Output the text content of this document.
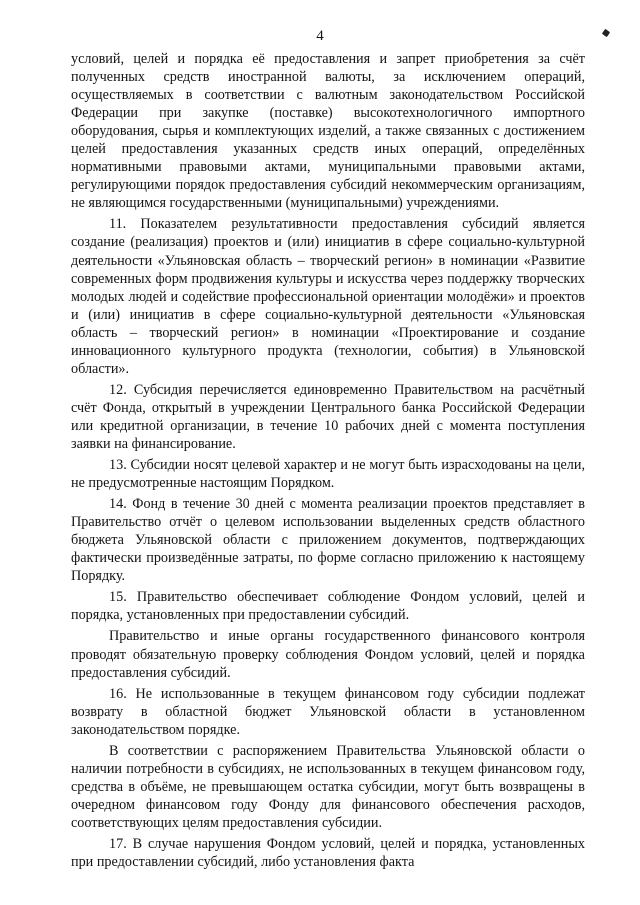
4

условий, целей и порядка её предоставления и запрет приобретения за счёт полученных средств иностранной валюты, за исключением операций, осуществляемых в соответствии с валютным законодательством Российской Федерации при закупке (поставке) высокотехнологичного импортного оборудования, сырья и комплектующих изделий, а также связанных с достижением целей предоставления указанных средств иных операций, определённых нормативными правовыми актами, муниципальными правовыми актами, регулирующими порядок предоставления субсидий некоммерческим организациям, не являющимся государственными (муниципальными) учреждениями.

11. Показателем результативности предоставления субсидий является создание (реализация) проектов и (или) инициатив в сфере социально-культурной деятельности «Ульяновская область – творческий регион» в номинации «Развитие современных форм продвижения культуры и искусства через поддержку творческих молодых людей и содействие профессиональной ориентации молодёжи» и проектов и (или) инициатив в сфере социально-культурной деятельности «Ульяновская область – творческий регион» в номинации «Проектирование и создание инновационного культурного продукта (технологии, события) в Ульяновской области».

12. Субсидия перечисляется единовременно Правительством на расчётный счёт Фонда, открытый в учреждении Центрального банка Российской Федерации или кредитной организации, в течение 10 рабочих дней с момента поступления заявки на финансирование.

13. Субсидии носят целевой характер и не могут быть израсходованы на цели, не предусмотренные настоящим Порядком.

14. Фонд в течение 30 дней с момента реализации проектов представляет в Правительство отчёт о целевом использовании выделенных средств областного бюджета Ульяновской области с приложением документов, подтверждающих фактически произведённые затраты, по форме согласно приложению к настоящему Порядку.

15. Правительство обеспечивает соблюдение Фондом условий, целей и порядка, установленных при предоставлении субсидий.

Правительство и иные органы государственного финансового контроля проводят обязательную проверку соблюдения Фондом условий, целей и порядка предоставления субсидий.

16. Не использованные в текущем финансовом году субсидии подлежат возврату в областной бюджет Ульяновской области в установленном законодательством порядке.

В соответствии с распоряжением Правительства Ульяновской области о наличии потребности в субсидиях, не использованных в текущем финансовом году, средства в объёме, не превышающем остатка субсидии, могут быть возвращены в очередном финансовом году Фонду для финансового обеспечения расходов, соответствующих целям предоставления субсидии.

17. В случае нарушения Фондом условий, целей и порядка, установленных при предоставлении субсидий, либо установления факта
